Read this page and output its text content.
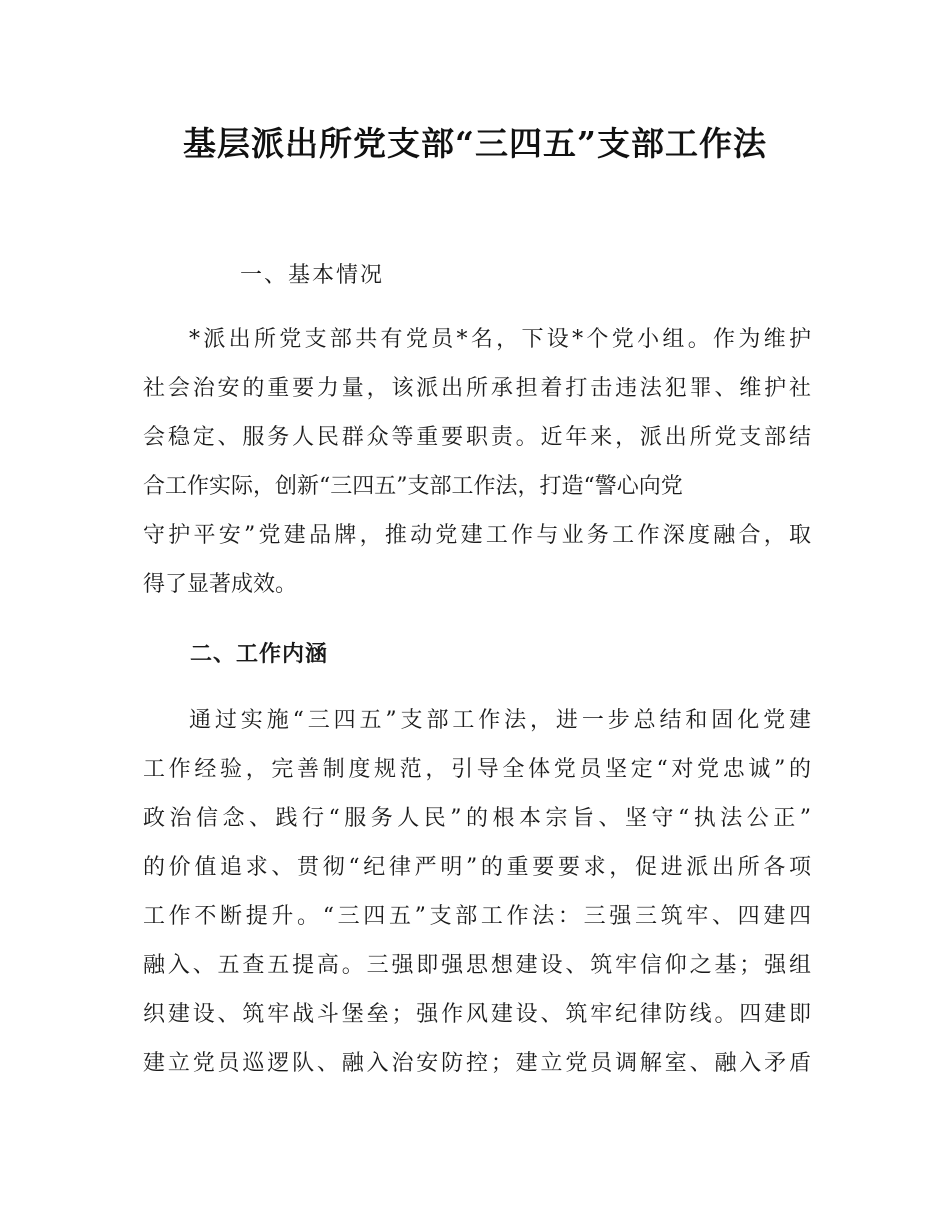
基层派出所党支部“三四五”支部工作法
一、基本情况
*派出所党支部共有党员*名，下设*个党小组。作为维护
社会治安的重要力量，该派出所承担着打击违法犯罪、维护社
会稳定、服务人民群众等重要职责。近年来，派出所党支部结
合工作实际，创新“三四五”支部工作法，打造“警心向党
守护平安”党建品牌，推动党建工作与业务工作深度融合，取
得了显著成效。
二、工作内涵
通过实施“三四五”支部工作法，进一步总结和固化党建
工作经验，完善制度规范，引导全体党员坚定“对党忠诚”的
政治信念、践行“服务人民”的根本宗旨、坚守“执法公正”
的价值追求、贯彻“纪律严明”的重要要求，促进派出所各项
工作不断提升。“三四五”支部工作法：三强三筑牢、四建四
融入、五查五提高。三强即强思想建设、筑牢信仰之基；强组
织建设、筑牢战斗堡垒；强作风建设、筑牢纪律防线。四建即
建立党员巡逻队、融入治安防控；建立党员调解室、融入矛盾
